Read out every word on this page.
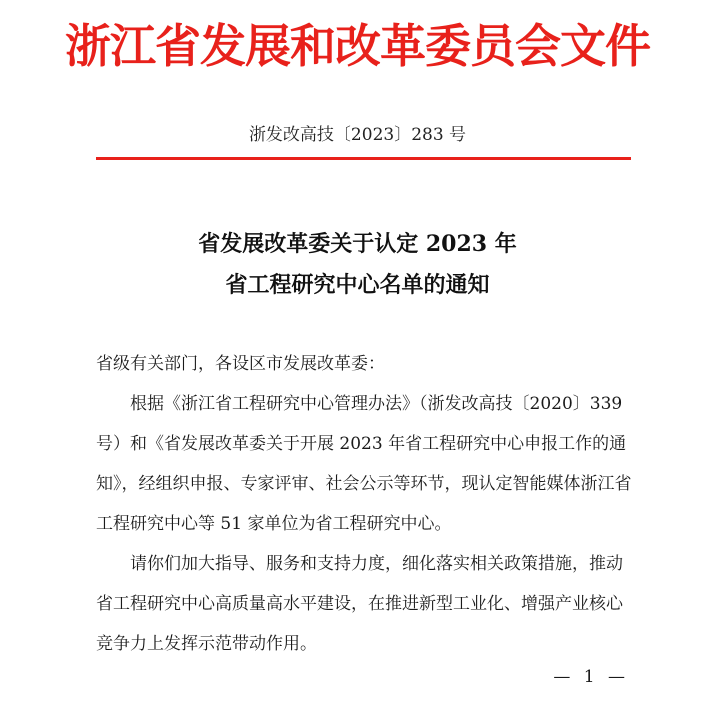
浙江省发展和改革委员会文件
浙发改高技〔2023〕283 号
省发展改革委关于认定 2023 年
省工程研究中心名单的通知
省级有关部门，各设区市发展改革委：

根据《浙江省工程研究中心管理办法》（浙发改高技〔2020〕339 号）和《省发展改革委关于开展 2023 年省工程研究中心申报工作的通知》，经组织申报、专家评审、社会公示等环节，现认定智能媒体浙江省工程研究中心等 51 家单位为省工程研究中心。

请你们加大指导、服务和支持力度，细化落实相关政策措施，推动省工程研究中心高质量高水平建设，在推进新型工业化、增强产业核心竞争力上发挥示范带动作用。

— 1 —
